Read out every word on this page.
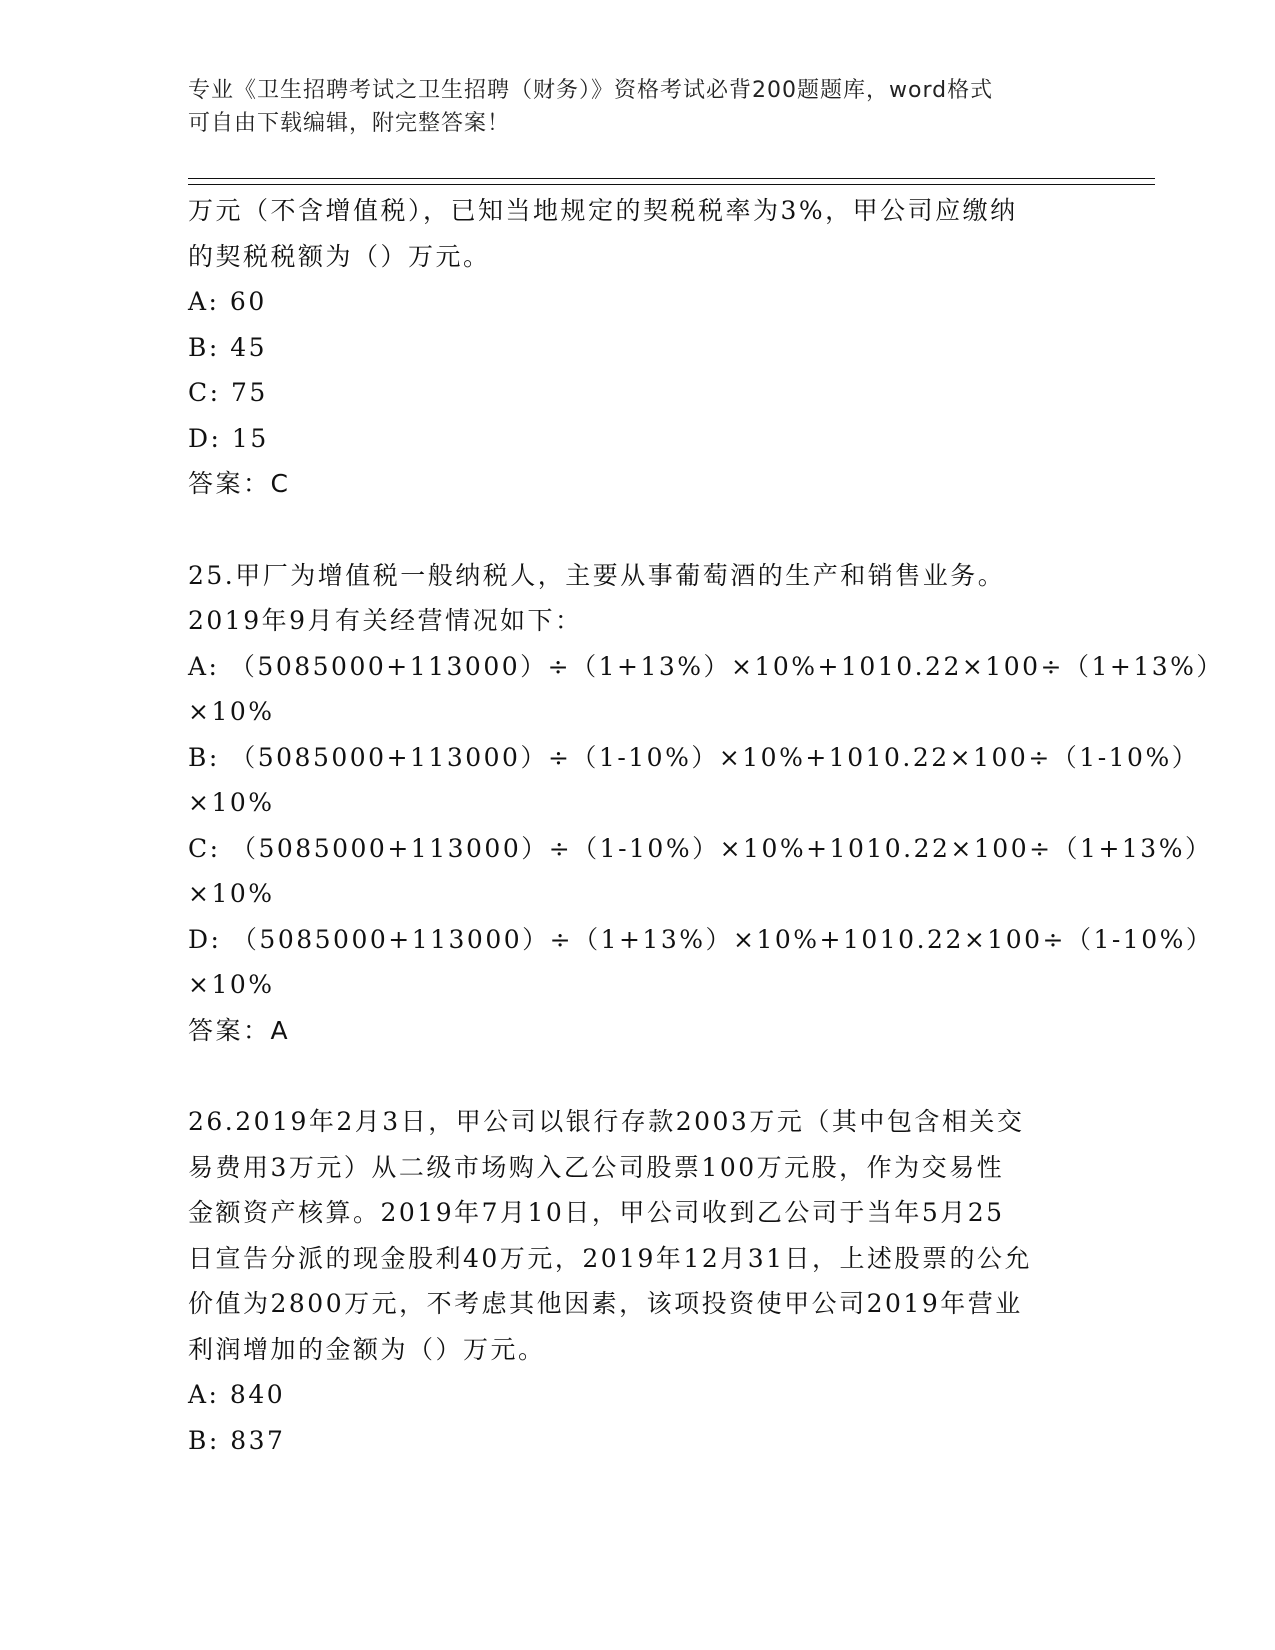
专业《卫生招聘考试之卫生招聘（财务）》资格考试必背200题题库，word格式
可自由下载编辑，附完整答案！
万元（不含增值税），已知当地规定的契税税率为3%，甲公司应缴纳
的契税税额为（）万元。
A: 60
B: 45
C: 75
D: 15
答案：C
25.甲厂为增值税一般纳税人，主要从事葡萄酒的生产和销售业务。
2019年9月有关经营情况如下：
A: （5085000+113000）÷（1+13%）×10%+1010.22×100÷（1+13%）
×10%
B: （5085000+113000）÷（1-10%）×10%+1010.22×100÷（1-10%）
×10%
C: （5085000+113000）÷（1-10%）×10%+1010.22×100÷（1+13%）
×10%
D: （5085000+113000）÷（1+13%）×10%+1010.22×100÷（1-10%）
×10%
答案：A
26.2019年2月3日，甲公司以银行存款2003万元（其中包含相关交
易费用3万元）从二级市场购入乙公司股票100万元股，作为交易性
金额资产核算。2019年7月10日，甲公司收到乙公司于当年5月25
日宣告分派的现金股利40万元，2019年12月31日，上述股票的公允
价值为2800万元，不考虑其他因素，该项投资使甲公司2019年营业
利润增加的金额为（）万元。
A: 840
B: 837
